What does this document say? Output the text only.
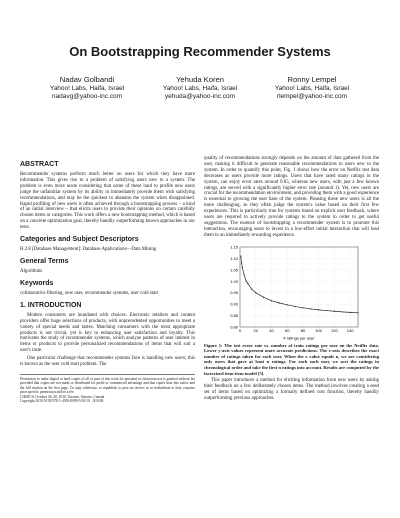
On Bootstrapping Recommender Systems
Nadav Golbandi
Yahoo! Labs, Haifa, Israel
nadavg@yahoo-inc.com
Yehuda Koren
Yahoo! Labs, Haifa, Israel
yehuda@yahoo-inc.com
Ronny Lempel
Yahoo! Labs, Haifa, Israel
rlempel@yahoo-inc.com
ABSTRACT

Recommender systems perform much better on users for which they have more information. This gives rise to a problem of satisfying users new to a system. The problem is even more acute considering that some of these hard to profile new users judge the unfamiliar system by its ability to immediately provide them with satisfying recommendations, and may be the quickest to abandon the system when disappointed. Rapid profiling of new users is often achieved through a bootstrapping process – a kind of an initial interview – that elicits users to provide their opinions on certain carefully chosen items or categories. This work offers a new bootstrapping method, which is based on a concrete optimization goal, thereby handily outperforming known approaches in our tests.

Categories and Subject Descriptors

H.2.8 [Database Management]: Database Applications—Data Mining

General Terms

Algorithms

Keywords

collaborative filtering, new user, recommender systems, user cold start

1. INTRODUCTION

Modern consumers are inundated with choices. Electronic retailers and content providers offer huge selections of products, with unprecedented opportunities to meet a variety of special needs and tastes. Matching consumers with the most appropriate products is not trivial, yet is key to enhancing user satisfaction and loyalty. This motivates the study of recommender systems, which analyze patterns of user interest in items or products to provide personalized recommendations of items that will suit a user's taste.

One particular challenge that recommender systems face is handling new users; this is known as the user cold start problem. The

Permission to make digital or hard copies of all or part of this work for personal or classroom use is granted without fee provided that copies are not made or distributed for profit or commercial advantage and that copies bear this notice and the full citation on the first page. To copy otherwise, to republish, to post on servers or to redistribute to lists, requires prior specific permission and/or a fee.
CIKM'10, October 26–30, 2010, Toronto, Ontario, Canada.
Copyright 2010 ACM 978-1-4503-0099-5/10/10 ...$10.00.

quality of recommendations strongly depends on the amount of data gathered from the user, making it difficult to generate reasonable recommendations to users new to the system. In order to quantify this point, Fig. 1 shows how the error on Netflix test data decreases as users provide more ratings. Users that have rated many ratings in the system, can enjoy error rates around 0.85, whereas new users, with just a few known ratings, are served with a significantly higher error rate (around 1). Yet, new users are crucial for the recommendation environment, and providing them with a good experience is essential to growing the user base of the system. Pleasing these new users is all the more challenging, as they often judge the system's value based on their first few experiences. This is particularly true for systems based on explicit user feedback, where users are required to actively provide ratings to the system in order to get useful suggestions. The essence of bootstrapping a recommender system is to promote this interaction, encouraging users to invest in a low-effort initial interaction that will lead them to an immediately rewarding experience.

0.80
0.85
0.90
0.95
1.00
1.05
1.10
1.15
0	20	40	60	80	100 120 140
# ratings per user

Figure 1: The test error rate vs. number of train ratings per user on the Netflix data. Lower y-axis values represent more accurate predictions. The x-axis describes the exact number of ratings taken for each user. When the x value equals n, we are considering only users that gave at least n ratings. For each such user, we sort the ratings in chronological order and take the first n ratings into account. Results are computed by the factorized item-item model [5].

This paper introduces a method for eliciting information from new users by asking their feedback on a few deliberately chosen items. The method involves creating a seed set of items based on optimizing a formally defined cost function, thereby handily outperforming previous approaches.
